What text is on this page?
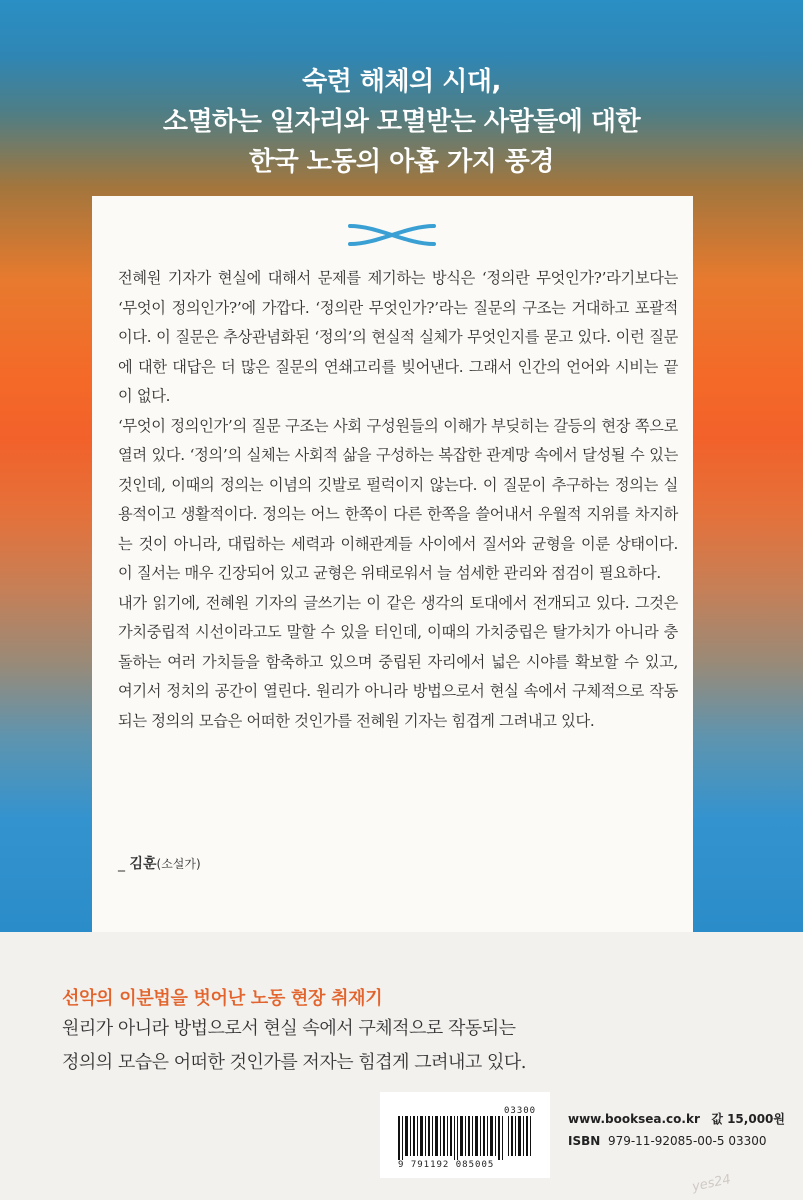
숙련 해체의 시대,
소멸하는 일자리와 모멸받는 사람들에 대한
한국 노동의 아홉 가지 풍경

전혜원 기자가 현실에 대해서 문제를 제기하는 방식은 ‘정의란 무엇인가?’라기보다는 ‘무엇이 정의인가?’에 가깝다. ‘정의란 무엇인가?’라는 질문의 구조는 거대하고 포괄적이다. 이 질문은 추상관념화된 ‘정의’의 현실적 실체가 무엇인지를 묻고 있다. 이런 질문에 대한 대답은 더 많은 질문의 연쇄고리를 빚어낸다. 그래서 인간의 언어와 시비는 끝이 없다.

‘무엇이 정의인가’의 질문 구조는 사회 구성원들의 이해가 부딪히는 갈등의 현장 쪽으로 열려 있다. ‘정의’의 실체는 사회적 삶을 구성하는 복잡한 관계망 속에서 달성될 수 있는 것인데, 이때의 정의는 이념의 깃발로 펄럭이지 않는다. 이 질문이 추구하는 정의는 실용적이고 생활적이다. 정의는 어느 한쪽이 다른 한쪽을 쓸어내서 우월적 지위를 차지하는 것이 아니라, 대립하는 세력과 이해관계들 사이에서 질서와 균형을 이룬 상태이다. 이 질서는 매우 긴장되어 있고 균형은 위태로워서 늘 섬세한 관리와 점검이 필요하다.

내가 읽기에, 전혜원 기자의 글쓰기는 이 같은 생각의 토대에서 전개되고 있다. 그것은 가치중립적 시선이라고도 말할 수 있을 터인데, 이때의 가치중립은 탈가치가 아니라 충돌하는 여러 가치들을 함축하고 있으며 중립된 자리에서 넓은 시야를 확보할 수 있고, 여기서 정치의 공간이 열린다. 원리가 아니라 방법으로서 현실 속에서 구체적으로 작동되는 정의의 모습은 어떠한 것인가를 전혜원 기자는 힘겹게 그려내고 있다.

_ 김훈(소설가)
선악의 이분법을 벗어난 노동 현장 취재기
원리가 아니라 방법으로서 현실 속에서 구체적으로 작동되는
정의의 모습은 어떠한 것인가를 저자는 힘겹게 그려내고 있다.
03300
9 791192 085005
www.booksea.co.kr 값 15,000원
ISBN 979-11-92085-00-5 03300
yes24
